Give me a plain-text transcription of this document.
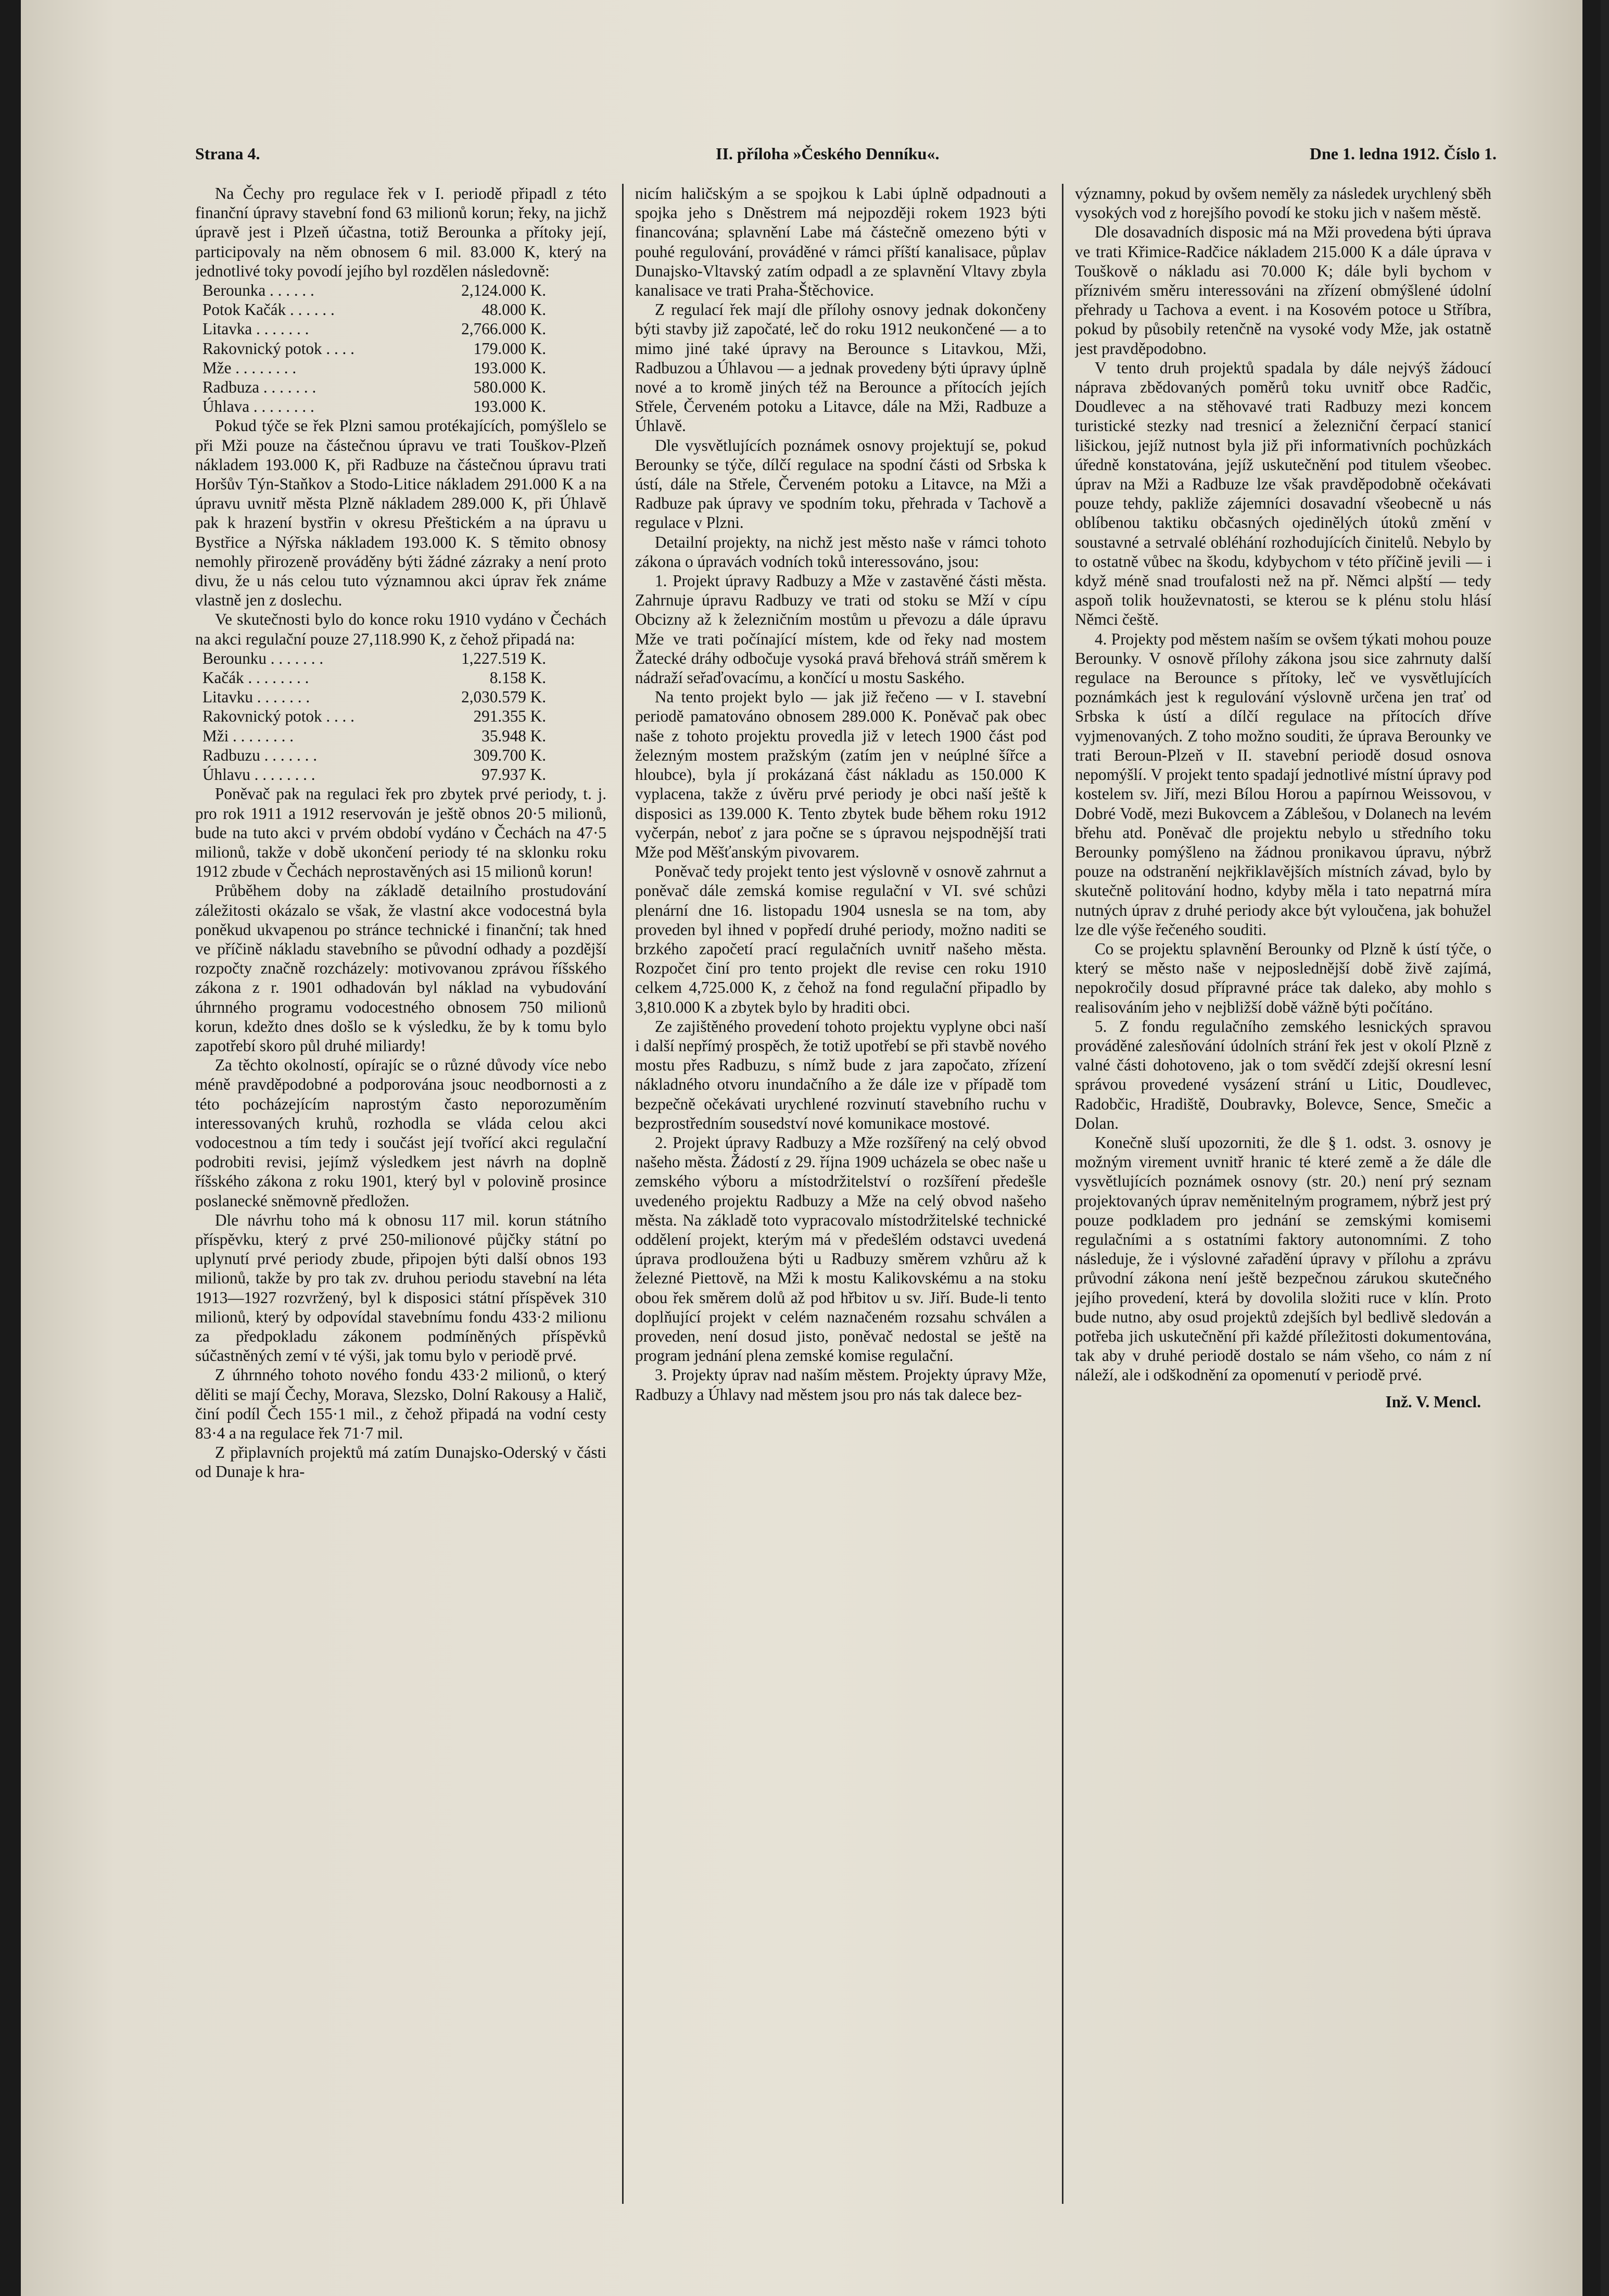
Strana 4.	II. příloha »Českého Denníku«.	Dne 1. ledna 1912. Číslo 1.

Na Čechy pro regulace řek v I. periodě připadl z této finanční úpravy stavební fond 63 milionů korun; řeky, na jichž úpravě jest i Plzeň účastna, totiž Berounka a přítoky její, participovaly na něm obnosem 6 mil. 83.000 K, který na jednotlivé toky povodí jejího byl rozdělen následovně:

Berounka . . . . . .	2,124.000 K.
Potok Kačák . . . . . .	48.000 K.
Litavka . . . . . . .	2,766.000 K.
Rakovnický potok . . . .	179.000 K.
Mže . . . . . . . .	193.000 K.
Radbuza . . . . . . .	580.000 K.
Úhlava . . . . . . . .	193.000 K.

Pokud týče se řek Plzni samou protékajících, pomýšlelo se při Mži pouze na částečnou úpravu ve trati Touškov-Plzeň nákladem 193.000 K, při Radbuze na částečnou úpravu trati Horšův Týn-Staňkov a Stodo-Litice nákladem 291.000 K a na úpravu uvnitř města Plzně nákladem 289.000 K, při Úhlavě pak k hrazení bystřin v okresu Přeštickém a na úpravu u Bystřice a Nýřska nákladem 193.000 K. S těmito obnosy nemohly přirozeně prováděny býti žádné zázraky a není proto divu, že u nás celou tuto významnou akci úprav řek známe vlastně jen z doslechu.

Ve skutečnosti bylo do konce roku 1910 vydáno v Čechách na akci regulační pouze 27,118.990 K, z čehož připadá na:

Berounku . . . . . . .	1,227.519 K.
Kačák . . . . . . . .	8.158 K.
Litavku . . . . . . .	2,030.579 K.
Rakovnický potok . . . .	291.355 K.
Mži . . . . . . . .	35.948 K.
Radbuzu . . . . . . .	309.700 K.
Úhlavu . . . . . . . .	97.937 K.

Poněvač pak na regulaci řek pro zbytek prvé periody, t. j. pro rok 1911 a 1912 reservován je ještě obnos 20·5 milionů, bude na tuto akci v prvém období vydáno v Čechách na 47·5 milionů, takže v době ukončení periody té na sklonku roku 1912 zbude v Čechách neprostavěných asi 15 milionů korun!

Průběhem doby na základě detailního prostudování záležitosti okázalo se však, že vlastní akce vodocestná byla poněkud ukvapenou po stránce technické i finanční; tak hned ve příčině nákladu stavebního se původní odhady a pozdější rozpočty značně rozcházely: motivovanou zprávou říšského zákona z r. 1901 odhadován byl náklad na vybudování úhrnného programu vodocestného obnosem 750 milionů korun, kdežto dnes došlo se k výsledku, že by k tomu bylo zapotřebí skoro půl druhé miliardy!

Za těchto okolností, opírajíc se o různé důvody více nebo méně pravděpodobné a podporována jsouc neodbornosti a z této pocházejícím naprostým často neporozuměním interessovaných kruhů, rozhodla se vláda celou akci vodocestnou a tím tedy i součást její tvořící akci regulační podrobiti revisi, jejímž výsledkem jest návrh na doplně říšského zákona z roku 1901, který byl v polovině prosince poslanecké sněmovně předložen.

Dle návrhu toho má k obnosu 117 mil. korun státního příspěvku, který z prvé 250-milionové půjčky státní po uplynutí prvé periody zbude, připojen býti další obnos 193 milionů, takže by pro tak zv. druhou periodu stavební na léta 1913—1927 rozvržený, byl k disposici státní příspěvek 310 milionů, který by odpovídal stavebnímu fondu 433·2 milionu za předpokladu zákonem podmíněných příspěvků súčastněných zemí v té výši, jak tomu bylo v periodě prvé.

Z úhrnného tohoto nového fondu 433·2 milionů, o který děliti se mají Čechy, Morava, Slezsko, Dolní Rakousy a Halič, činí podíl Čech 155·1 mil., z čehož připadá na vodní cesty 83·4 a na regulace řek 71·7 mil.

Z připlavních projektů má zatím Dunajsko-Oderský v části od Dunaje k hra-

nicím haličským a se spojkou k Labi úplně odpadnouti a spojka jeho s Dněstrem má nejpozději rokem 1923 býti financována; splavnění Labe má částečně omezeno býti v pouhé regulování, prováděné v rámci příští kanalisace, půplav Dunajsko-Vltavský zatím odpadl a ze splavnění Vltavy zbyla kanalisace ve trati Praha-Štěchovice.

Z regulací řek mají dle přílohy osnovy jednak dokončeny býti stavby již započaté, leč do roku 1912 neukončené — a to mimo jiné také úpravy na Berounce s Litavkou, Mži, Radbuzou a Úhlavou — a jednak provedeny býti úpravy úplně nové a to kromě jiných též na Berounce a přítocích jejích Střele, Červeném potoku a Litavce, dále na Mži, Radbuze a Úhlavě.

Dle vysvětlujících poznámek osnovy projektují se, pokud Berounky se týče, dílčí regulace na spodní části od Srbska k ústí, dále na Střele, Červeném potoku a Litavce, na Mži a Radbuze pak úpravy ve spodním toku, přehrada v Tachově a regulace v Plzni.

Detailní projekty, na nichž jest město naše v rámci tohoto zákona o úpravách vodních toků interessováno, jsou:

1. Projekt úpravy Radbuzy a Mže v zastavěné části města. Zahrnuje úpravu Radbuzy ve trati od stoku se Mží v cípu Obcizny až k železničním mostům u převozu a dále úpravu Mže ve trati počínající místem, kde od řeky nad mostem Žatecké dráhy odbočuje vysoká pravá břehová stráň směrem k nádraží seřaďovacímu, a končící u mostu Saského.

Na tento projekt bylo — jak již řečeno — v I. stavební periodě pamatováno obnosem 289.000 K. Poněvač pak obec naše z tohoto projektu provedla již v letech 1900 část pod železným mostem pražským (zatím jen v neúplné šířce a hloubce), byla jí prokázaná část nákladu as 150.000 K vyplacena, takže z úvěru prvé periody je obci naší ještě k disposici as 139.000 K. Tento zbytek bude během roku 1912 vyčerpán, neboť z jara počne se s úpravou nejspodnější trati Mže pod Měšťanským pivovarem.

Poněvač tedy projekt tento jest výslovně v osnově zahrnut a poněvač dále zemská komise regulační v VI. své schůzi plenární dne 16. listopadu 1904 usnesla se na tom, aby proveden byl ihned v popředí druhé periody, možno naditi se brzkého započetí prací regulačních uvnitř našeho města. Rozpočet činí pro tento projekt dle revise cen roku 1910 celkem 4,725.000 K, z čehož na fond regulační připadlo by 3,810.000 K a zbytek bylo by hraditi obci.

Ze zajištěného provedení tohoto projektu vyplyne obci naší i další nepřímý prospěch, že totiž upotřebí se při stavbě nového mostu přes Radbuzu, s nímž bude z jara započato, zřízení nákladného otvoru inundačního a že dále ize v případě tom bezpečně očekávati urychlené rozvinutí stavebního ruchu v bezprostředním sousedství nové komunikace mostové.

2. Projekt úpravy Radbuzy a Mže rozšířený na celý obvod našeho města. Žádostí z 29. října 1909 ucházela se obec naše u zemského výboru a místodržitelství o rozšíření předešle uvedeného projektu Radbuzy a Mže na celý obvod našeho města. Na základě toto vypracovalo místodržitelské technické oddělení projekt, kterým má v předešlém odstavci uvedená úprava prodloužena býti u Radbuzy směrem vzhůru až k železné Piettově, na Mži k mostu Kalikovskému a na stoku obou řek směrem dolů až pod hřbitov u sv. Jiří. Bude-li tento doplňující projekt v celém naznačeném rozsahu schválen a proveden, není dosud jisto, poněvač nedostal se ještě na program jednání plena zemské komise regulační.

3. Projekty úprav nad naším městem. Projekty úpravy Mže, Radbuzy a Úhlavy nad městem jsou pro nás tak dalece bez-

významny, pokud by ovšem neměly za následek urychlený sběh vysokých vod z horejšího povodí ke stoku jich v našem městě.

Dle dosavadních disposic má na Mži provedena býti úprava ve trati Křimice-Radčice nákladem 215.000 K a dále úprava v Touškově o nákladu asi 70.000 K; dále byli bychom v příznivém směru interessováni na zřízení obmýšlené údolní přehrady u Tachova a event. i na Kosovém potoce u Stříbra, pokud by působily retenčně na vysoké vody Mže, jak ostatně jest pravděpodobno.

V tento druh projektů spadala by dále nejvýš žádoucí náprava zbědovaných poměrů toku uvnitř obce Radčic, Doudlevec a na stěhovavé trati Radbuzy mezi koncem turistické stezky nad tresnicí a železniční čerpací stanicí lišickou, jejíž nutnost byla již při informativních pochůzkách úředně konstatována, jejíž uskutečnění pod titulem všeobec. úprav na Mži a Radbuze lze však pravděpodobně očekávati pouze tehdy, pakliže zájemníci dosavadní všeobecně u nás oblíbenou taktiku občasných ojedinělých útoků změní v soustavné a setrvalé obléhání rozhodujících činitelů. Nebylo by to ostatně vůbec na škodu, kdybychom v této příčině jevili — i když méně snad troufalosti než na př. Němci alpští — tedy aspoň tolik houževnatosti, se kterou se k plénu stolu hlásí Němci čeště.

4. Projekty pod městem naším se ovšem týkati mohou pouze Berounky. V osnově přílohy zákona jsou sice zahrnuty další regulace na Berounce s přítoky, leč ve vysvětlujících poznámkách jest k regulování výslovně určena jen trať od Srbska k ústí a dílčí regulace na přítocích dříve vyjmenovaných. Z toho možno souditi, že úprava Berounky ve trati Beroun-Plzeň v II. stavební periodě dosud osnova nepomýšlí. V projekt tento spadají jednotlivé místní úpravy pod kostelem sv. Jiří, mezi Bílou Horou a papírnou Weissovou, v Dobré Vodě, mezi Bukovcem a Záblešou, v Dolanech na levém břehu atd. Poněvač dle projektu nebylo u středního toku Berounky pomýšleno na žádnou pronikavou úpravu, nýbrž pouze na odstranění nejkřiklavějších místních závad, bylo by skutečně politování hodno, kdyby měla i tato nepatrná míra nutných úprav z druhé periody akce být vyloučena, jak bohužel lze dle výše řečeného souditi.

Co se projektu splavnění Berounky od Plzně k ústí týče, o který se město naše v nejposlednější době živě zajímá, nepokročily dosud přípravné práce tak daleko, aby mohlo s realisováním jeho v nejbližší době vážně býti počítáno.

5. Z fondu regulačního zemského lesnických spravou prováděné zalesňování údolních strání řek jest v okolí Plzně z valné části dohotoveno, jak o tom svědčí zdejší okresní lesní správou provedené vysázení strání u Litic, Doudlevec, Radobčic, Hradiště, Doubravky, Bolevce, Sence, Smečic a Dolan.

Konečně sluší upozorniti, že dle § 1. odst. 3. osnovy je možným virement uvnitř hranic té které země a že dále dle vysvětlujících poznámek osnovy (str. 20.) není prý seznam projektovaných úprav neměnitelným programem, nýbrž jest prý pouze podkladem pro jednání se zemskými komisemi regulačními a s ostatními faktory autonomními. Z toho následuje, že i výslovné zařadění úpravy v přílohu a zprávu průvodní zákona není ještě bezpečnou zárukou skutečného jejího provedení, která by dovolila složiti ruce v klín. Proto bude nutno, aby osud projektů zdejších byl bedlivě sledován a potřeba jich uskutečnění při každé příležitosti dokumentována, tak aby v druhé periodě dostalo se nám všeho, co nám z ní náleží, ale i odškodnění za opomenutí v periodě prvé.

Inž. V. Mencl.
